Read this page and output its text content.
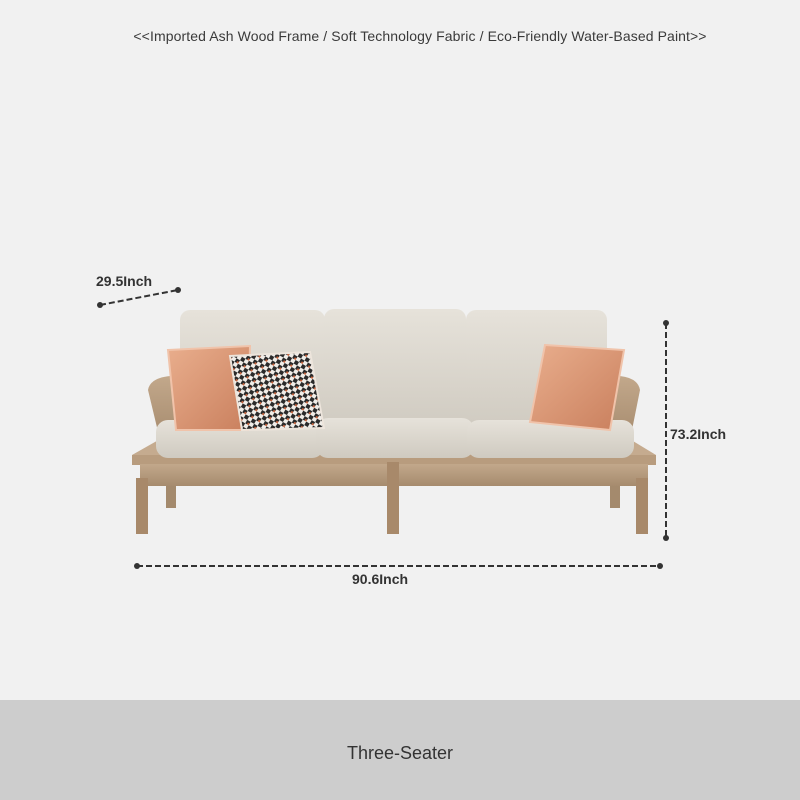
<<Imported Ash Wood Frame / Soft Technology Fabric / Eco-Friendly Water-Based Paint>>
29.5Inch
73.2Inch
90.6Inch
Three-Seater
